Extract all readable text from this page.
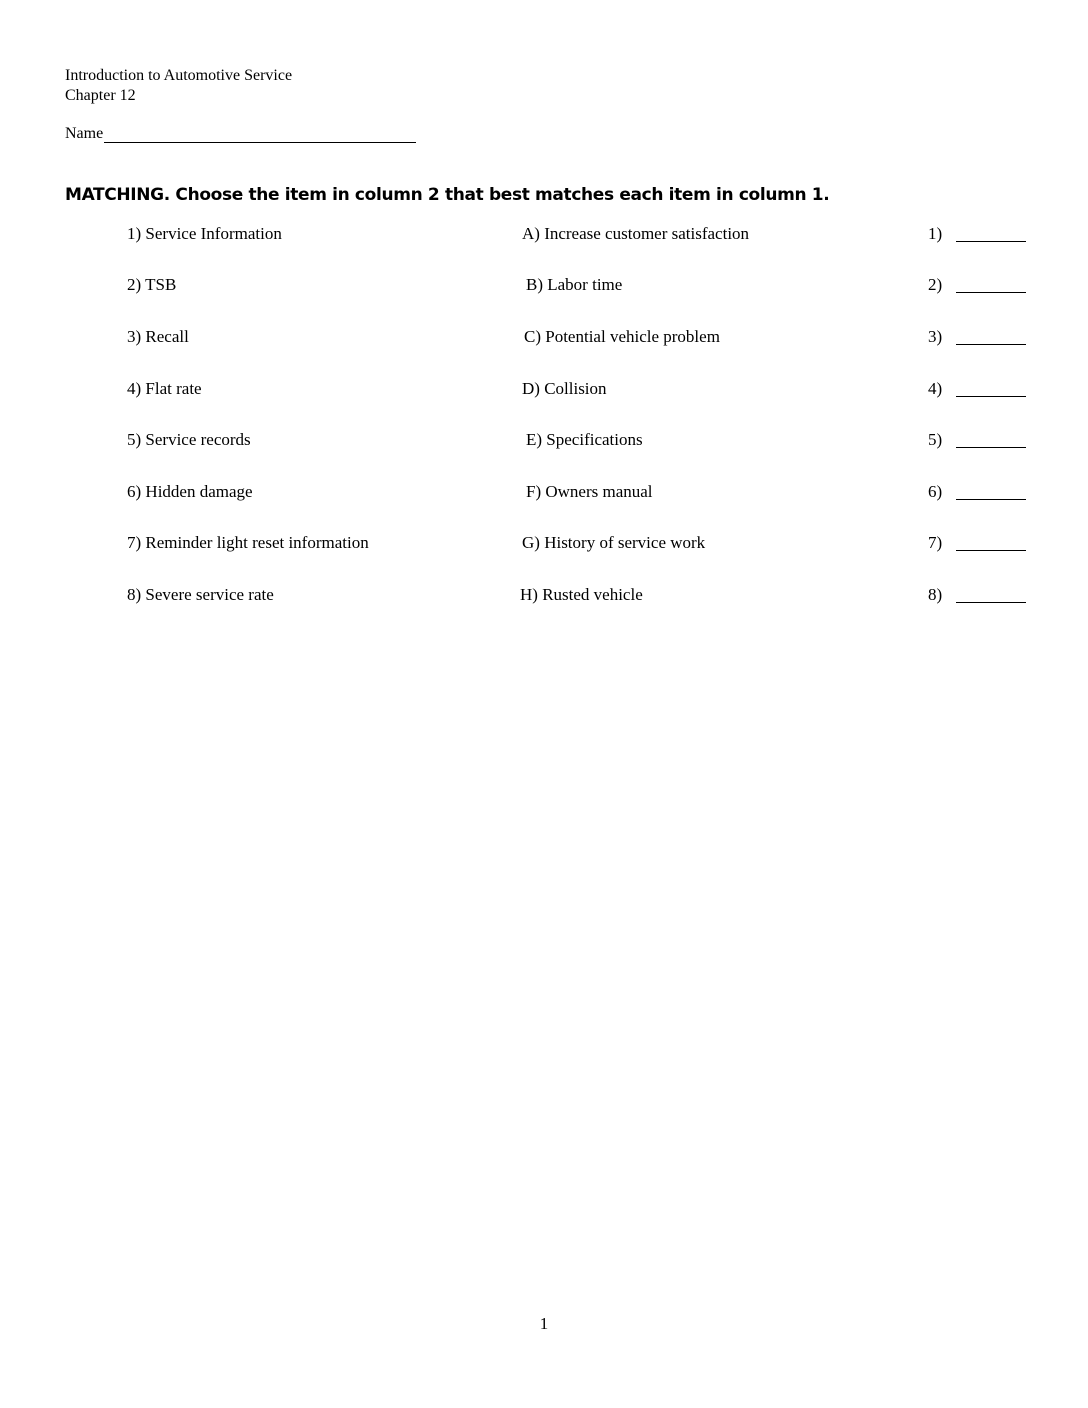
Introduction to Automotive Service
Chapter 12
Name
MATCHING. Choose the item in column 2 that best matches each item in column 1.
1) Service Information	A) Increase customer satisfaction	1)
2) TSB	B) Labor time	2)
3) Recall	C) Potential vehicle problem	3)
4) Flat rate	D) Collision	4)
5) Service records	E) Specifications	5)
6) Hidden damage	F) Owners manual	6)
7) Reminder light reset information	G) History of service work	7)
8) Severe service rate	H) Rusted vehicle	8)
1
